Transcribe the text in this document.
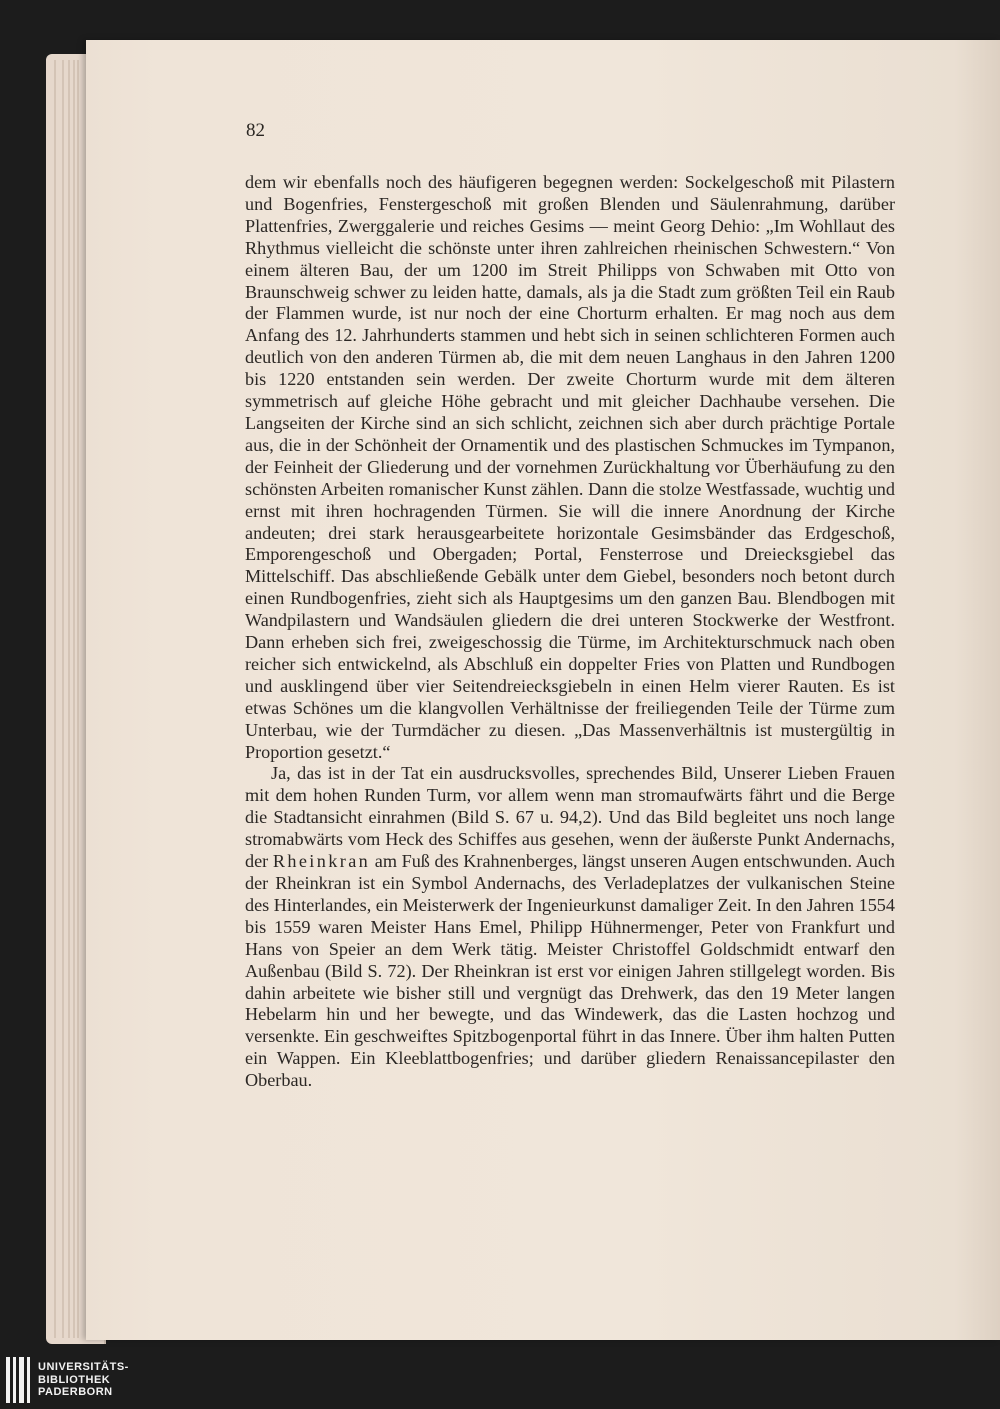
82

dem wir ebenfalls noch des häufigeren begegnen werden: Sockelgeschoß mit Pilastern und Bogenfries, Fenstergeschoß mit großen Blenden und Säulenrahmung, darüber Plattenfries, Zwerggalerie und reiches Gesims — meint Georg Dehio: „Im Wohllaut des Rhythmus vielleicht die schönste unter ihren zahlreichen rheinischen Schwestern.“ Von einem älteren Bau, der um 1200 im Streit Philipps von Schwaben mit Otto von Braunschweig schwer zu leiden hatte, damals, als ja die Stadt zum größten Teil ein Raub der Flammen wurde, ist nur noch der eine Chorturm erhalten. Er mag noch aus dem Anfang des 12. Jahrhunderts stammen und hebt sich in seinen schlichteren Formen auch deutlich von den anderen Türmen ab, die mit dem neuen Langhaus in den Jahren 1200 bis 1220 entstanden sein werden. Der zweite Chorturm wurde mit dem älteren symmetrisch auf gleiche Höhe gebracht und mit gleicher Dachhaube versehen. Die Langseiten der Kirche sind an sich schlicht, zeichnen sich aber durch prächtige Portale aus, die in der Schönheit der Ornamentik und des plastischen Schmuckes im Tympanon, der Feinheit der Gliederung und der vornehmen Zurückhaltung vor Überhäufung zu den schönsten Arbeiten romanischer Kunst zählen. Dann die stolze Westfassade, wuchtig und ernst mit ihren hochragenden Türmen. Sie will die innere Anordnung der Kirche andeuten; drei stark herausgearbeitete horizontale Gesimsbänder das Erdgeschoß, Emporengeschoß und Obergaden; Portal, Fensterrose und Dreiecksgiebel das Mittelschiff. Das abschließende Gebälk unter dem Giebel, besonders noch betont durch einen Rundbogenfries, zieht sich als Hauptgesims um den ganzen Bau. Blendbogen mit Wandpilastern und Wandsäulen gliedern die drei unteren Stockwerke der Westfront. Dann erheben sich frei, zweigeschossig die Türme, im Architekturschmuck nach oben reicher sich entwickelnd, als Abschluß ein doppelter Fries von Platten und Rundbogen und ausklingend über vier Seitendreiecksgiebeln in einen Helm vierer Rauten. Es ist etwas Schönes um die klangvollen Verhältnisse der freiliegenden Teile der Türme zum Unterbau, wie der Turmdächer zu diesen. „Das Massenverhältnis ist mustergültig in Proportion gesetzt.“

Ja, das ist in der Tat ein ausdrucksvolles, sprechendes Bild, Unserer Lieben Frauen mit dem hohen Runden Turm, vor allem wenn man stromaufwärts fährt und die Berge die Stadtansicht einrahmen (Bild S. 67 u. 94,2). Und das Bild begleitet uns noch lange stromabwärts vom Heck des Schiffes aus gesehen, wenn der äußerste Punkt Andernachs, der Rheinkran am Fuß des Krahnenberges, längst unseren Augen entschwunden. Auch der Rheinkran ist ein Symbol Andernachs, des Verladeplatzes der vulkanischen Steine des Hinterlandes, ein Meisterwerk der Ingenieurkunst damaliger Zeit. In den Jahren 1554 bis 1559 waren Meister Hans Emel, Philipp Hühnermenger, Peter von Frankfurt und Hans von Speier an dem Werk tätig. Meister Christoffel Goldschmidt entwarf den Außenbau (Bild S. 72). Der Rheinkran ist erst vor einigen Jahren stillgelegt worden. Bis dahin arbeitete wie bisher still und vergnügt das Drehwerk, das den 19 Meter langen Hebelarm hin und her bewegte, und das Windewerk, das die Lasten hochzog und versenkte. Ein geschweiftes Spitzbogenportal führt in das Innere. Über ihm halten Putten ein Wappen. Ein Kleeblattbogenfries; und darüber gliedern Renaissancepilaster den Oberbau.

UNIVERSITÄTS-
BIBLIOTHEK
PADERBORN
